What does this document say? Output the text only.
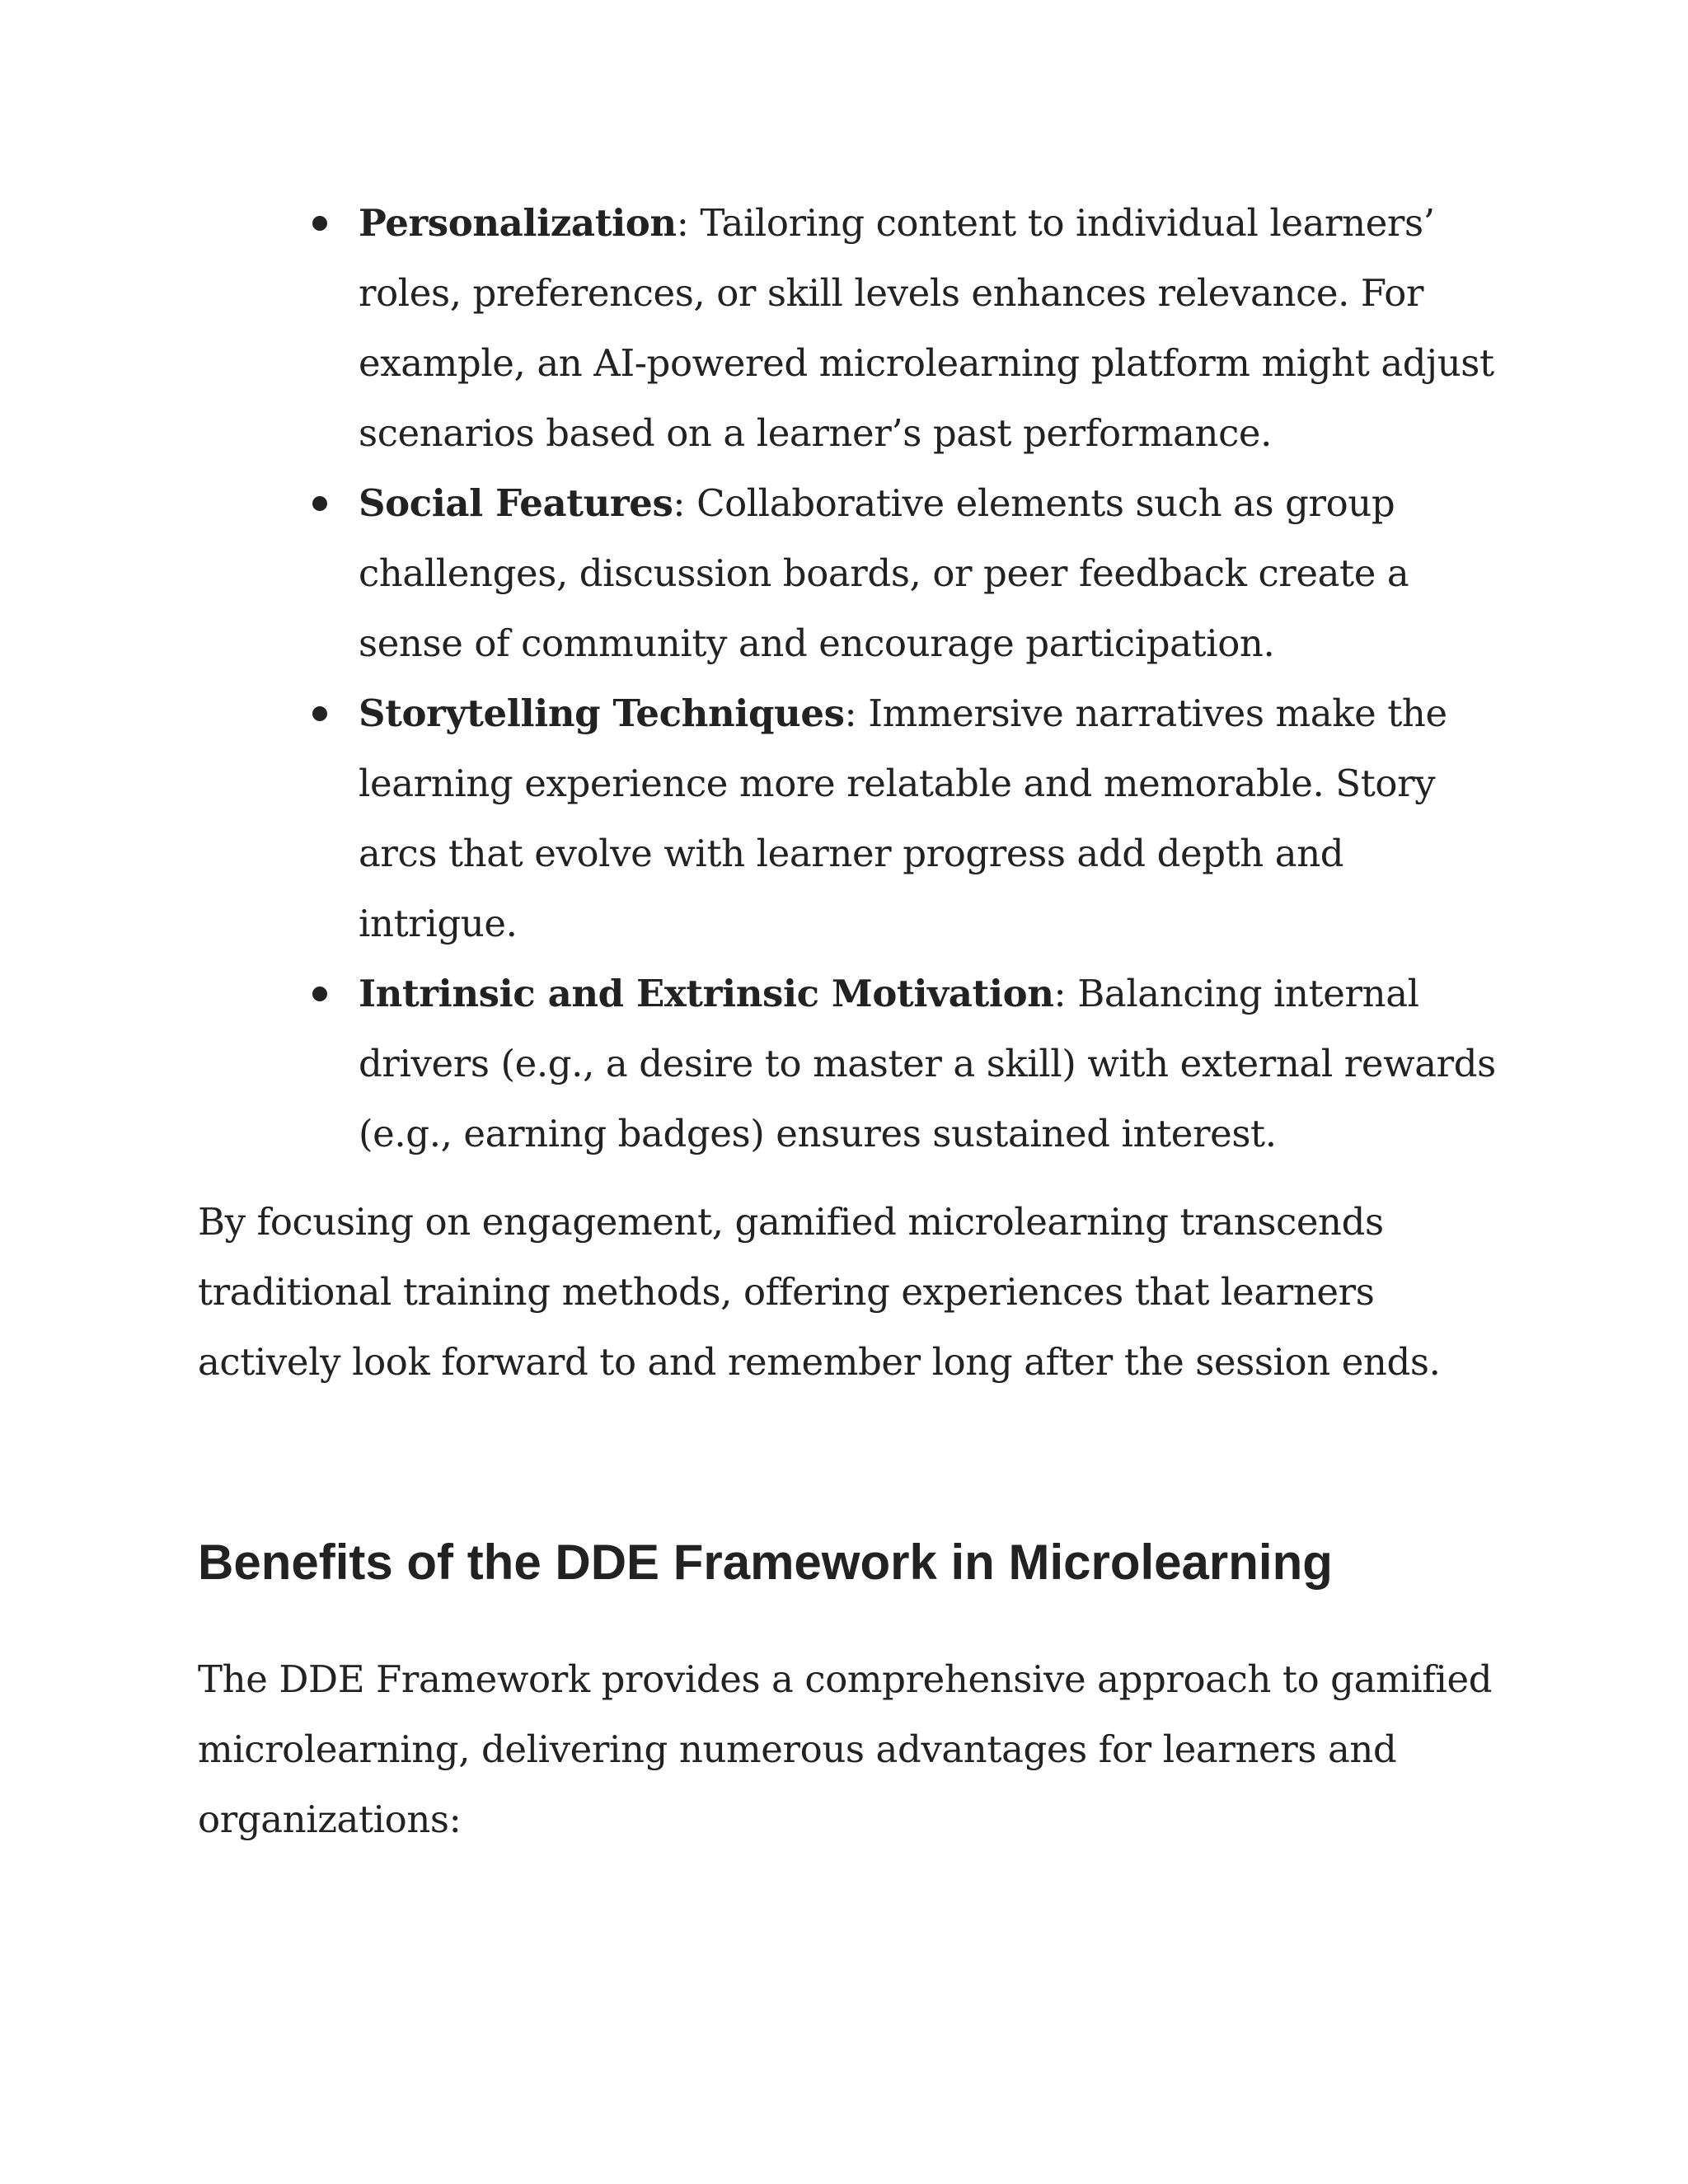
Personalization: Tailoring content to individual learners’ roles, preferences, or skill levels enhances relevance. For example, an AI-powered microlearning platform might adjust scenarios based on a learner’s past performance.
Social Features: Collaborative elements such as group challenges, discussion boards, or peer feedback create a sense of community and encourage participation.
Storytelling Techniques: Immersive narratives make the learning experience more relatable and memorable. Story arcs that evolve with learner progress add depth and intrigue.
Intrinsic and Extrinsic Motivation: Balancing internal drivers (e.g., a desire to master a skill) with external rewards (e.g., earning badges) ensures sustained interest.

By focusing on engagement, gamified microlearning transcends traditional training methods, offering experiences that learners actively look forward to and remember long after the session ends.

Benefits of the DDE Framework in Microlearning

The DDE Framework provides a comprehensive approach to gamified microlearning, delivering numerous advantages for learners and organizations:
